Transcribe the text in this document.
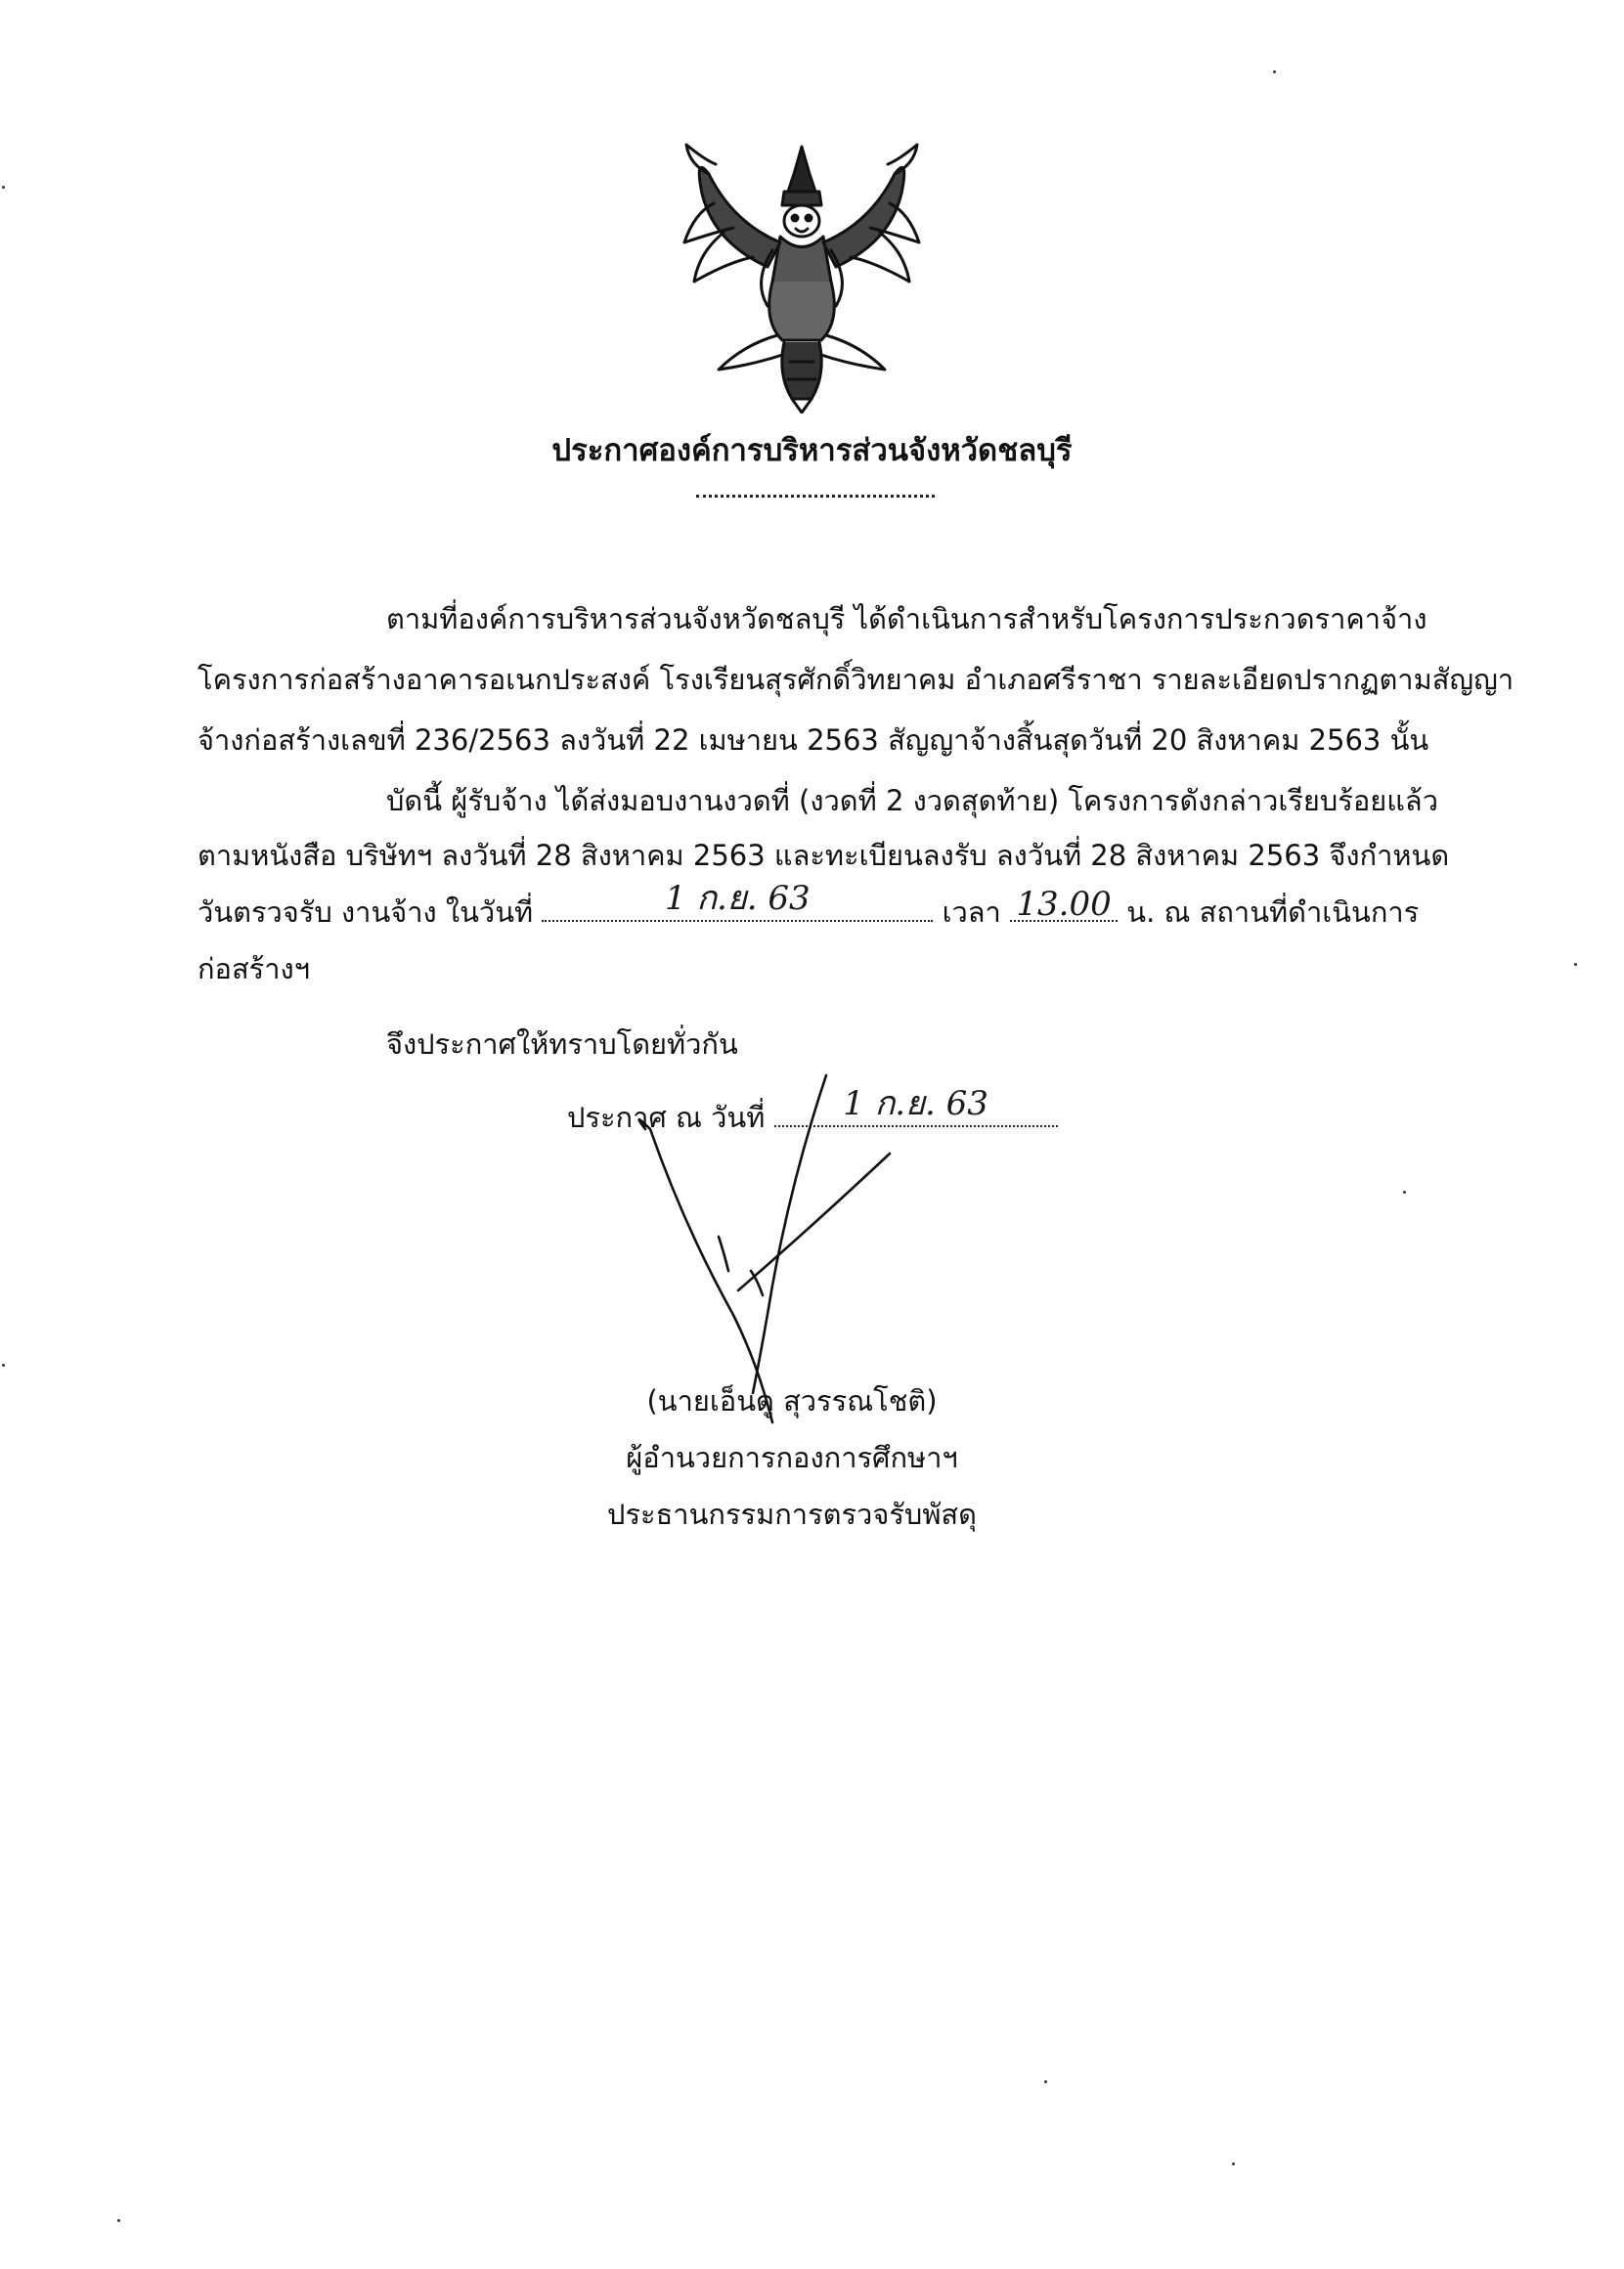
ประกาศองค์การบริหารส่วนจังหวัดชลบุรี
ตามที่องค์การบริหารส่วนจังหวัดชลบุรี ได้ดำเนินการสำหรับโครงการประกวดราคาจ้าง
โครงการก่อสร้างอาคารอเนกประสงค์ โรงเรียนสุรศักดิ์วิทยาคม อำเภอศรีราชา รายละเอียดปรากฏตามสัญญา
จ้างก่อสร้างเลขที่ 236/2563 ลงวันที่ 22 เมษายน 2563 สัญญาจ้างสิ้นสุดวันที่ 20 สิงหาคม 2563 นั้น
บัดนี้ ผู้รับจ้าง ได้ส่งมอบงานงวดที่ (งวดที่ 2 งวดสุดท้าย) โครงการดังกล่าวเรียบร้อยแล้ว
ตามหนังสือ บริษัทฯ ลงวันที่ 28 สิงหาคม 2563 และทะเบียนลงรับ ลงวันที่ 28 สิงหาคม 2563 จึงกำหนด
วันตรวจรับ งานจ้าง ในวันที่	1 ก.ย. 63	เวลา 13.00 น. ณ สถานที่ดำเนินการ
ก่อสร้างฯ
จึงประกาศให้ทราบโดยทั่วกัน
ประกาศ ณ วันที่	1 ก.ย. 63
(นายเอ็นดู สุวรรณโชติ)
ผู้อำนวยการกองการศึกษาฯ
ประธานกรรมการตรวจรับพัสดุ
